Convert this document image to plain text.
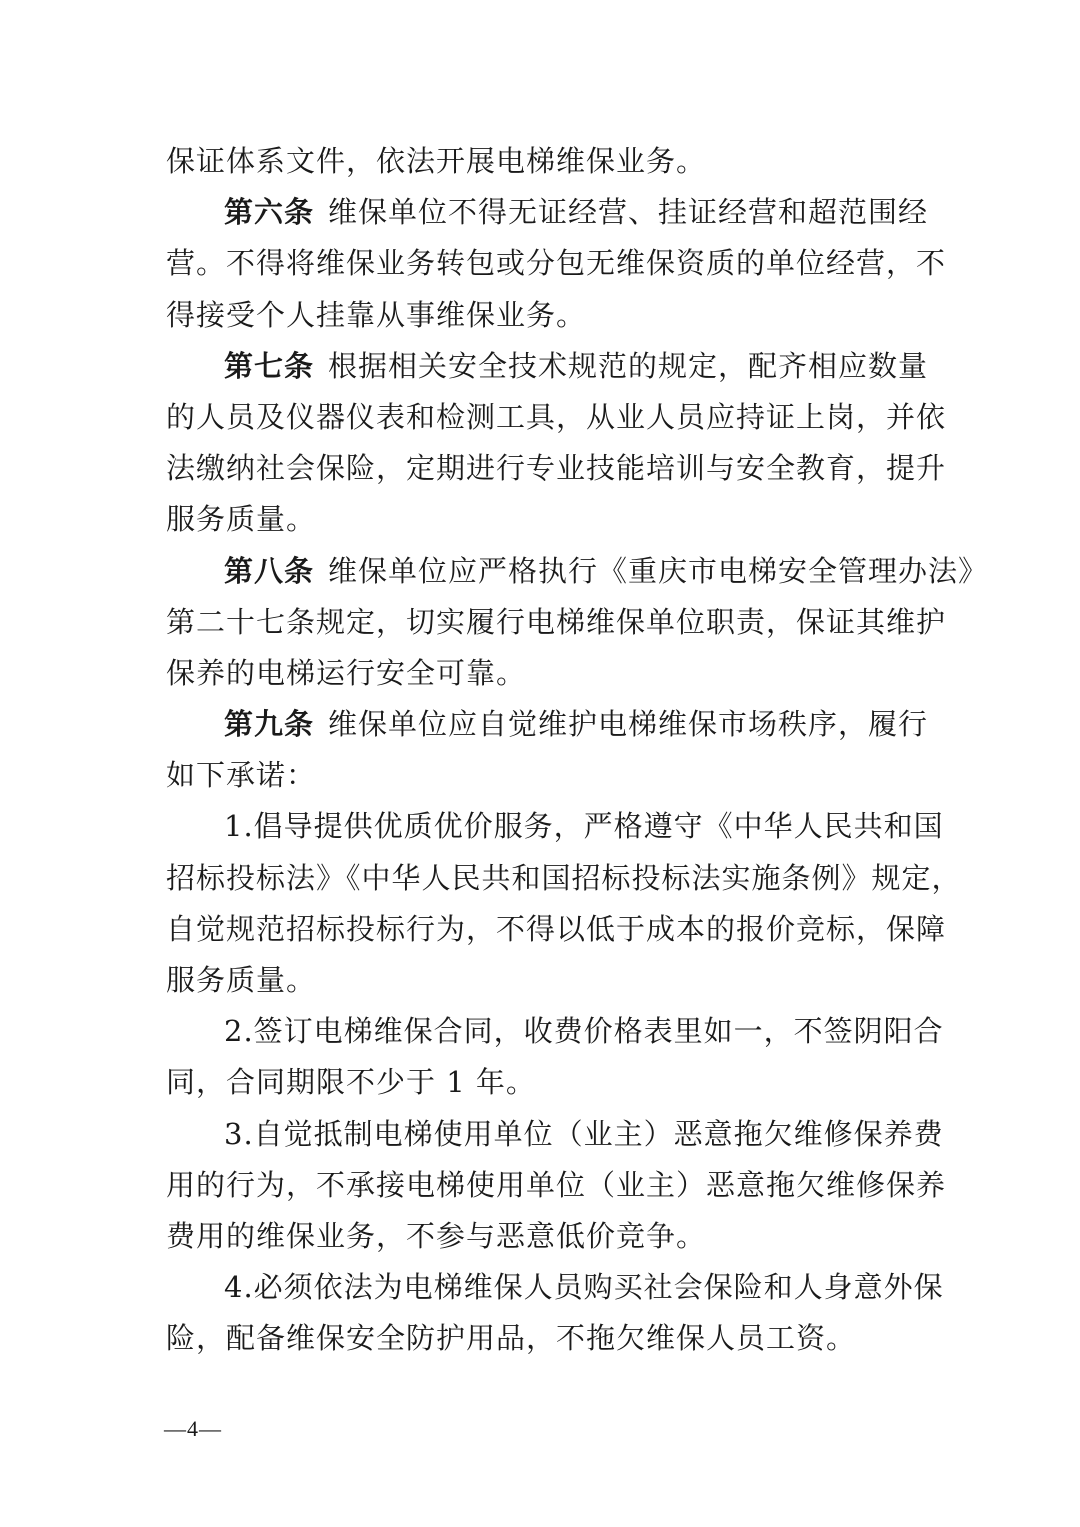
保证体系文件，依法开展电梯维保业务。
第六条 维保单位不得无证经营、挂证经营和超范围经
营。不得将维保业务转包或分包无维保资质的单位经营，不
得接受个人挂靠从事维保业务。
第七条 根据相关安全技术规范的规定，配齐相应数量
的人员及仪器仪表和检测工具，从业人员应持证上岗，并依
法缴纳社会保险，定期进行专业技能培训与安全教育，提升
服务质量。
第八条 维保单位应严格执行《重庆市电梯安全管理办法》
第二十七条规定，切实履行电梯维保单位职责，保证其维护
保养的电梯运行安全可靠。
第九条 维保单位应自觉维护电梯维保市场秩序，履行
如下承诺：
1.倡导提供优质优价服务，严格遵守《中华人民共和国
招标投标法》《中华人民共和国招标投标法实施条例》规定，
自觉规范招标投标行为，不得以低于成本的报价竞标，保障
服务质量。
2.签订电梯维保合同，收费价格表里如一，不签阴阳合
同，合同期限不少于 1 年。
3.自觉抵制电梯使用单位（业主）恶意拖欠维修保养费
用的行为，不承接电梯使用单位（业主）恶意拖欠维修保养
费用的维保业务，不参与恶意低价竞争。
4.必须依法为电梯维保人员购买社会保险和人身意外保
险，配备维保安全防护用品，不拖欠维保人员工资。
—4—
